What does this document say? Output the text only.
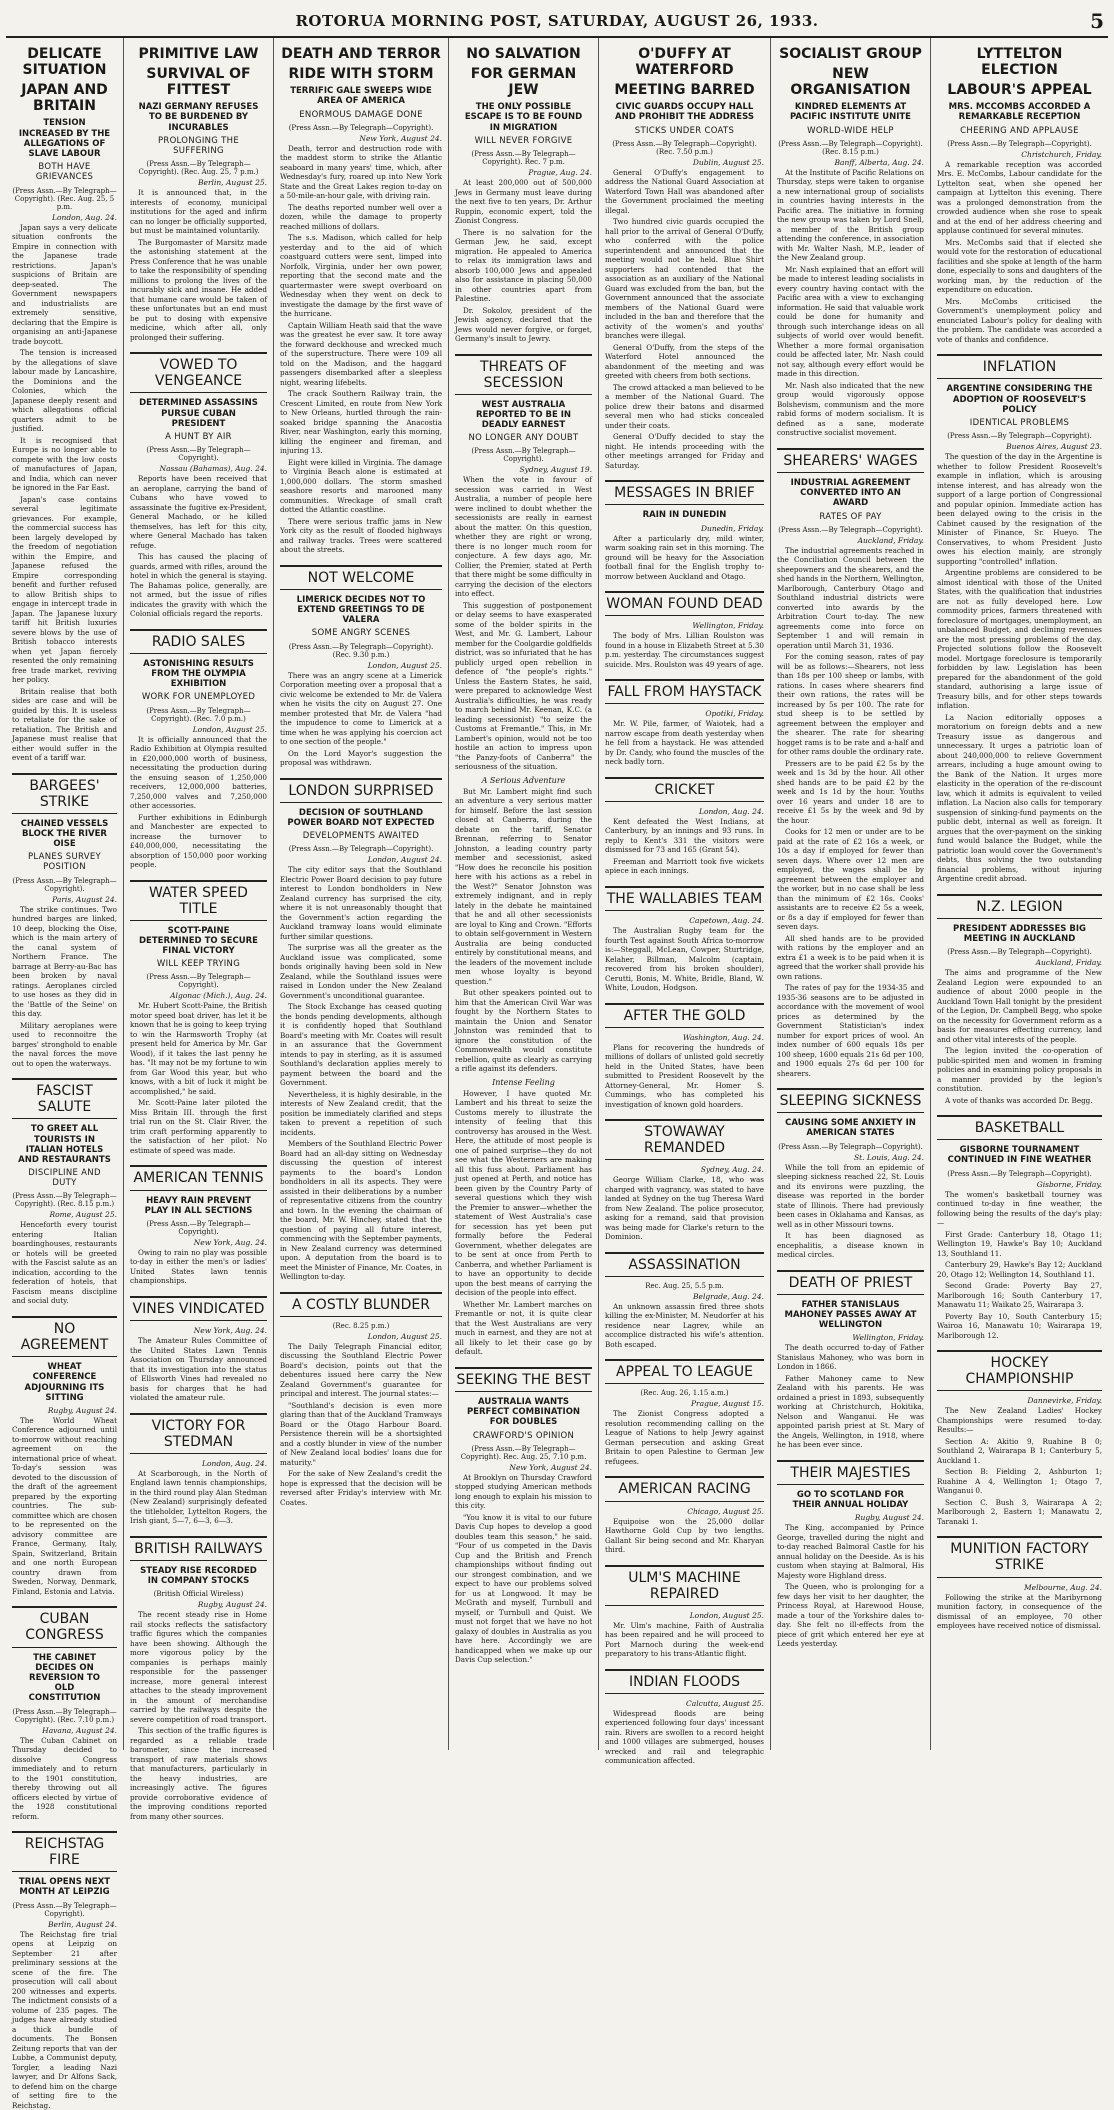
ROTORUA MORNING POST, SATURDAY, AUGUST 26, 1933.	5
DELICATE SITUATION
JAPAN AND BRITAIN
TENSION INCREASED BY THE ALLEGATIONS OF SLAVE LABOUR
BOTH HAVE GRIEVANCES
(Press Assn.—By Telegraph—Copyright). (Rec. Aug. 25, 5 p.m.
London, Aug. 24.

Japan says a very delicate situation confronts the Empire in connection with the Japanese trade restrictions. Japan's suspicions of Britain are deep-seated. The Government newspapers and industrialists are extremely sensitive, declaring that the Empire is organising an anti-Japanese trade boycott.

The tension is increased by the allegations of slave labour made by Lancashire, the Dominions and the Colonies, which the Japanese deeply resent and which allegations official quarters admit to be justified.

It is recognised that Europe is no longer able to compete with the low costs of manufactures of Japan, and India, which can never be ignored in the Far East.

Japan's case contains several legitimate grievances. For example, the commercial success has been largely developed by the freedom of negotiation within the Empire, and Japanese refused the Empire corresponding benefit and further refused to allow British ships to engage in intercept trade in Japan. The Japanese luxury tariff hit British luxuries severe blows by the use of British tobacco interests when yet Japan fiercely resented the only remaining free trade market, reviving her policy.

Britain realise that both sides are case and will be guided by this. It is useless to retaliate for the sake of retaliation. The British and Japanese must realise that either would suffer in the event of a tariff war.

BARGEES' STRIKE
CHAINED VESSELS BLOCK THE RIVER OISE
PLANES SURVEY POSITION
(Press Assn.—By Telegraph—Copyright).
Paris, August 24.

The strike continues. Two hundred barges are linked, 10 deep, blocking the Oise, which is the main artery of the canal system of Northern France. The barrage at Berry-au-Bac has been broken by naval ratings. Aeroplanes circled to use hoses as they did in the 'Battle of the Seine' on this day.

Military aeroplanes were used to reconnoitre the barges' stronghold to enable the naval forces the move out to open the waterways.

FASCIST SALUTE
TO GREET ALL TOURISTS IN ITALIAN HOTELS AND RESTAURANTS
DISCIPLINE AND DUTY
(Press Assn.—By Telegraph—Copyright). (Rec. 8.15 p.m.)
Rome, August 25.

Henceforth every tourist entering Italian boardinghouses, restaurants or hotels will be greeted with the Fascist salute as an indication, according to the federation of hotels, that Fascism means discipline and social duty.

NO AGREEMENT
WHEAT CONFERENCE ADJOURNING ITS SITTING
Rugby, August 24.

The World Wheat Conference adjourned until to-morrow without reaching agreement on the international price of wheat. To-day's session was devoted to the discussion of the draft of the agreement prepared by the exporting countries. The sub-committee which are chosen to be represented on the advisory committee are France, Germany, Italy, Spain, Switzerland, Britain and one north European country drawn from Sweden, Norway, Denmark, Finland, Estonia and Latvia.

CUBAN CONGRESS
THE CABINET DECIDES ON REVERSION TO OLD CONSTITUTION
(Press Assn.—By Telegraph—Copyright). (Rec. 7.10 p.m.)
Havana, August 24.

The Cuban Cabinet on Thursday decided to dissolve Congress immediately and to return to the 1901 constitution, thereby throwing out all officers elected by virtue of the 1928 constitutional reform.

REICHSTAG FIRE
TRIAL OPENS NEXT MONTH AT LEIPZIG
(Press Assn.—By Telegraph—Copyright).
Berlin, August 24.

The Reichstag fire trial opens at Leipzig on September 21 after preliminary sessions at the scene of the fire. The prosecution will call about 200 witnesses and experts. The indictment consists of a volume of 235 pages. The judges have already studied a thick bundle of documents. The Bonsen Zeitung reports that van der Lubbe, a Communist deputy, Torgler, a leading Nazi lawyer, and Dr Alfons Sack, to defend him on the charge of setting fire to the Reichstag.

PRIMITIVE LAW
SURVIVAL OF FITTEST
NAZI GERMANY REFUSES TO BE BURDENED BY INCURABLES
PROLONGING THE SUFFERING
(Press Assn.—By Telegraph—Copyright). (Rec. Aug. 25, 7 p.m.)
Berlin, August 25.

It is announced that, in the interests of economy, municipal institutions for the aged and infirm can no longer be officially supported, but must be maintained voluntarily.

The Burgomaster of Marsitz made the astonishing statement at the Press Conference that he was unable to take the responsibility of spending millions to prolong the lives of the incurably sick and insane. He added that humane care would be taken of these unfortunates but an end must be put to dosing with expensive medicine, which after all, only prolonged their suffering.

VOWED TO VENGEANCE
DETERMINED ASSASSINS PURSUE CUBAN PRESIDENT
A HUNT BY AIR
(Press Assn.—By Telegraph—Copyright).
Nassau (Bahamas), Aug. 24.

Reports have been received that an aeroplane, carrying the band of Cubans who have vowed to assassinate the fugitive ex-President, General Machado, or he killed themselves, has left for this city, where General Machado has taken refuge.

This has caused the placing of guards, armed with rifles, around the hotel in which the general is staying. The Bahamas police, generally, are not armed, but the issue of rifles indicates the gravity with which the Colonial officials regard the reports.

RADIO SALES
ASTONISHING RESULTS FROM THE OLYMPIA EXHIBITION
WORK FOR UNEMPLOYED
(Press Assn.—By Telegraph—Copyright). (Rec. 7.0 p.m.)
London, August 25.

It is officially announced that the Radio Exhibition at Olympia resulted in £20,000,000 worth of business, necessitating the production during the ensuing season of 1,250,000 receivers, 12,000,000 batteries, 7,250,000 valves and 7,250,000 other accessories.

Further exhibitions in Edinburgh and Manchester are expected to increase the turnover to £40,000,000, necessitating the absorption of 150,000 poor working people.

WATER SPEED TITLE
SCOTT-PAINE DETERMINED TO SECURE FINAL VICTORY
WILL KEEP TRYING
(Press Assn.—By Telegraph—Copyright).
Algonac (Mich.), Aug. 24.

Mr. Hubert Scott-Paine, the British motor speed boat driver, has let it be known that he is going to keep trying to win the Harmsworth Trophy (at present held for America by Mr. Gar Wood), if it takes the last penny he has. "It may not be my fortune to win from Gar Wood this year, but who knows, with a bit of luck it might be accomplished," he said.

Mr. Scott-Paine later piloted the Miss Britain III. through the first trial run on the St. Clair River, the trim craft performing apparently to the satisfaction of her pilot. No estimate of speed was made.

AMERICAN TENNIS
HEAVY RAIN PREVENT PLAY IN ALL SECTIONS
(Press Assn.—By Telegraph—Copyright).
New York, Aug. 24.

Owing to rain no play was possible to-day in either the men's or ladies' United States lawn tennis championships.

VINES VINDICATED
New York, Aug. 24.

The Amateur Rules Committee of the United States Lawn Tennis Association on Thursday announced that its investigation into the status of Ellsworth Vines had revealed no basis for charges that he had violated the amateur rule.

VICTORY FOR STEDMAN
London, Aug. 24.

At Scarborough, in the North of England lawn tennis championships, in the third round play Alan Stedman (New Zealand) surprisingly defeated the titleholder, Lyttelton Rogers, the Irish giant, 5—7, 6—3, 6—3.

BRITISH RAILWAYS
STEADY RISE RECORDED IN COMPANY STOCKS
(British Official Wireless)
Rugby, August 24.

The recent steady rise in Home rail stocks reflects the satisfactory traffic figures which the companies have been showing. Although the more vigorous policy by the companies is perhaps mainly responsible for the passenger increase, more general interest attaches to the steady improvement in the amount of merchandise carried by the railways despite the severe competition of road transport.

This section of the traffic figures is regarded as a reliable trade barometer, since the increased transport of raw materials shows that manufacturers, particularly in the heavy industries, are increasingly active. The figures provide corroborative evidence of the improving conditions reported from many other sources.

DEATH AND TERROR
RIDE WITH STORM
TERRIFIC GALE SWEEPS WIDE AREA OF AMERICA
ENORMOUS DAMAGE DONE
(Press Assn.—By Telegraph—Copyright).
New York, August 24.

Death, terror and destruction rode with the maddest storm to strike the Atlantic seaboard in many years' time, which, after Wednesday's fury, roared up into New York State and the Great Lakes region to-day on a 50-mile-an-hour gale, with driving rain.

The deaths reported number well over a dozen, while the damage to property reached millions of dollars.

The s.s. Madison, which called for help yesterday and to the aid of which coastguard cutters were sent, limped into Norfolk, Virginia, under her own power, reporting that the second mate and the quartermaster were swept overboard on Wednesday when they went on deck to investigate the damage by the first wave of the hurricane.

Captain William Heath said that the wave was the greatest he ever saw. It tore away the forward deckhouse and wrecked much of the superstructure. There were 109 all told on the Madison, and the haggard passengers disembarked after a sleepless night, wearing lifebelts.

The crack Southern Railway train, the Crescent Limited, en route from New York to New Orleans, hurtled through the rain-soaked bridge spanning the Anacostia River, near Washington, early this morning, killing the engineer and fireman, and injuring 13.

Eight were killed in Virginia. The damage to Virginia Beach alone is estimated at 1,000,000 dollars. The storm smashed seashore resorts and marooned many communities. Wreckage of small craft dotted the Atlantic coastline.

There were serious traffic jams in New York city as the result of flooded highways and railway tracks. Trees were scattered about the streets.

NOT WELCOME
LIMERICK DECIDES NOT TO EXTEND GREETINGS TO DE VALERA
SOME ANGRY SCENES
(Press Assn.—By Telegraph—Copyright). (Rec. 9.30 p.m.)
London, August 25.

There was an angry scene at a Limerick Corporation meeting over a proposal that a civic welcome be extended to Mr. de Valera when he visits the city on August 27. One member protested that Mr. de Valera "had the impudence to come to Limerick at a time when he was applying his coercion act to one section of the people."

On the Lord Mayor's suggestion the proposal was withdrawn.

LONDON SURPRISED
DECISION OF SOUTHLAND POWER BOARD NOT EXPECTED
DEVELOPMENTS AWAITED
(Press Assn.—By Telegraph—Copyright).
London, August 24.

The city editor says that the Southland Electric Power Board decision to pay future interest to London bondholders in New Zealand currency has surprised the city, where it is not unreasonably thought that the Government's action regarding the Auckland tramway loans would eliminate further similar questions.

The surprise was all the greater as the Auckland issue was complicated, some bonds originally having been sold in New Zealand, while the Southland issues were raised in London under the New Zealand Government's unconditional guarantee.

The Stock Exchange has ceased quoting the bonds pending developments, although it is confidently hoped that Southland Board's meeting with Mr. Coates will result in an assurance that the Government intends to pay in sterling, as it is assumed Southland's declaration applies merely to payment between the board and the Government.

Nevertheless, it is highly desirable, in the interests of New Zealand credit, that the position be immediately clarified and steps taken to prevent a repetition of such incidents.

Members of the Southland Electric Power Board had an all-day sitting on Wednesday discussing the question of interest payments to the board's London bondholders in all its aspects. They were assisted in their deliberations by a number of representative citizens from the country and town. In the evening the chairman of the board, Mr. W. Hinchey, stated that the question of paying all future interest, commencing with the September payments, in New Zealand currency was determined upon. A deputation from the board is to meet the Minister of Finance, Mr. Coates, in Wellington to-day.

A COSTLY BLUNDER
(Rec. 8.25 p.m.)
London, August 25.

The Daily Telegraph Financial editor, discussing the Southland Electric Power Board's decision, points out that the debentures issued here carry the New Zealand Government's guarantee for principal and interest. The journal states:—

"Southland's decision is even more glaring than that of the Auckland Tramways Board or the Otago Harbour Board. Persistence therein will be a shortsighted and a costly blunder in view of the number of New Zealand local bodies' loans due for maturity."

For the sake of New Zealand's credit the hope is expressed that the decision will be reversed after Friday's interview with Mr. Coates.

NO SALVATION
FOR GERMAN JEW
THE ONLY POSSIBLE ESCAPE IS TO BE FOUND IN MIGRATION
WILL NEVER FORGIVE
(Press Assn.—By Telegraph—Copyright). Rec. 7 p.m.
Prague, Aug. 24.

At least 200,000 out of 500,000 Jews in Germany must leave during the next five to ten years, Dr. Arthur Ruppin, economic expert, told the Zionist Congress.

There is no salvation for the German Jew, he said, except migration. He appealed to America to relax its immigration laws and absorb 100,000 Jews and appealed also for assistance in placing 50,000 in other countries apart from Palestine.

Dr. Sokolov, president of the Jewish agency, declared that the Jews would never forgive, or forget, Germany's insult to Jewry.

THREATS OF SECESSION
WEST AUSTRALIA REPORTED TO BE IN DEADLY EARNEST
NO LONGER ANY DOUBT
(Press Assn.—By Telegraph—Copyright).
Sydney, August 19.

When the vote in favour of secession was carried in West Australia, a number of people here were inclined to doubt whether the secessionists are really in earnest about the matter. On this question, whether they are right or wrong, there is no longer much room for conjecture. A few days ago, Mr. Collier, the Premier, stated at Perth that there might be some difficulty in carrying the decision of the electors into effect.

This suggestion of postponement or delay seems to have exasperated some of the bolder spirits in the West, and Mr. G. Lambert, Labour member for the Coolgardie goldfields district, was so infuriated that he has publicly urged open rebellion in defence of "the people's rights." Unless the Eastern States, he said, were prepared to acknowledge West Australia's difficulties, he was ready to march behind Mr. Keenan, K.C. (a leading secessionist) "to seize the Customs at Fremantle." This, in Mr. Lambert's opinion, would not be too hostile an action to impress upon "the Panzy-foots of Canberra" the seriousness of the situation.

A Serious Adventure

But Mr. Lambert might find such an adventure a very serious matter for himself. Before the last session closed at Canberra, during the debate on the tariff, Senator Brennan, referring to Senator Johnston, a leading country party member and secessionist, asked "How does he reconcile his position here with his actions as a rebel in the West?" Senator Johnston was extremely indignant, and in reply lately in the debate he maintained that he and all other secessionists are loyal to King and Crown. "Efforts to obtain self-government in Western Australia are being conducted entirely by constitutional means, and the leaders of the movement include men whose loyalty is beyond question."

But other speakers pointed out to him that the American Civil War was fought by the Northern States to maintain the Union and Senator Johnston was reminded that to ignore the constitution of the Commonwealth would constitute rebellion, quite as clearly as carrying a rifle against its defenders.

Intense Feeling

However, I have quoted Mr. Lambert and his threat to seize the Customs merely to illustrate the intensity of feeling that this controversy has aroused in the West. Here, the attitude of most people is one of pained surprise—they do not see what the Westerners are making all this fuss about. Parliament has just opened at Perth, and notice has been given by the Country Party of several questions which they wish the Premier to answer—whether the statement of West Australia's case for secession has yet been put formally before the Federal Government, whether delegates are to be sent at once from Perth to Canberra, and whether Parliament is to have an opportunity to decide upon the best means of carrying the decision of the people into effect.

Whether Mr. Lambert marches on Fremantle or not, it is quite clear that the West Australians are very much in earnest, and they are not at all likely to let their case go by default.

SEEKING THE BEST
AUSTRALIA WANTS PERFECT COMBINATION FOR DOUBLES
CRAWFORD'S OPINION
(Press Assn.—By Telegraph—Copyright). Rec. Aug. 25, 7.10 p.m.
New York, August 24.

At Brooklyn on Thursday Crawford stopped studying American methods long enough to explain his mission to this city.

"You know it is vital to our future Davis Cup hopes to develop a good doubles team this season," he said. "Four of us competed in the Davis Cup and the British and French championships without finding out our strongest combination, and we expect to have our problems solved for us at Longwood. It may be McGrath and myself, Turnbull and myself, or Turnbull and Quist. We must not forget that we have no hot galaxy of doubles in Australia as you have here. Accordingly we are handicapped when we make up our Davis Cup selection."

O'DUFFY AT WATERFORD
MEETING BARRED
CIVIC GUARDS OCCUPY HALL AND PROHIBIT THE ADDRESS
STICKS UNDER COATS
(Press Assn.—By Telegraph—Copyright). (Rec. 7.50 p.m.)
Dublin, August 25.

General O'Duffy's engagement to address the National Guard Association at Waterford Town Hall was abandoned after the Government proclaimed the meeting illegal.

Two hundred civic guards occupied the hall prior to the arrival of General O'Duffy, who conferred with the police superintendent and announced that the meeting would not be held. Blue Shirt supporters had contended that the association as an auxiliary of the National Guard was excluded from the ban, but the Government announced that the associate members of the National Guard were included in the ban and therefore that the activity of the women's and youths' branches were illegal.

General O'Duffy, from the steps of the Waterford Hotel announced the abandonment of the meeting and was greeted with cheers from both sections.

The crowd attacked a man believed to be a member of the National Guard. The police drew their batons and disarmed several men who had sticks concealed under their coats.

General O'Duffy decided to stay the night. He intends proceeding with the other meetings arranged for Friday and Saturday.

MESSAGES IN BRIEF
RAIN IN DUNEDIN
Dunedin, Friday.

After a particularly dry, mild winter, warm soaking rain set in this morning. The ground will be heavy for the Association football final for the English trophy to-morrow between Auckland and Otago.

WOMAN FOUND DEAD
Wellington, Friday.

The body of Mrs. Lillian Roulston was found in a house in Elizabeth Street at 5.30 p.m. yesterday. The circumstances suggest suicide. Mrs. Roulston was 49 years of age.

FALL FROM HAYSTACK
Opotiki, Friday.

Mr. W. Pile, farmer, of Waiotek, had a narrow escape from death yesterday when he fell from a haystack. He was attended by Dr. Candy, who found the muscles of the neck badly torn.

CRICKET
London, Aug. 24.

Kent defeated the West Indians, at Canterbury, by an innings and 93 runs. In reply to Kent's 331 the visitors were dismissed for 73 and 165 (Grant 54).

Freeman and Marriott took five wickets apiece in each innings.

THE WALLABIES TEAM
Capetown, Aug. 24.

The Australian Rugby team for the fourth Test against South Africa to-morrow is:—Steggall, McLean, Cowper, Sturtridge, Kelaher, Billman, Malcolm (captain, recovered from his broken shoulder), Cerutti, Bonis, M. White, Bridle, Bland, W. White, Loudon, Hodgson.

AFTER THE GOLD
Washington, Aug. 24.

Plans for recovering the hundreds of millions of dollars of unlisted gold secretly held in the United States, have been submitted to President Roosevelt by the Attorney-General, Mr. Homer S. Cummings, who has completed his investigation of known gold hoarders.

STOWAWAY REMANDED
Sydney, Aug. 24.

George William Clarke, 18, who was charged with vagrancy, was stated to have landed at Sydney on the tug Theresa Ward from New Zealand. The police prosecutor, asking for a remand, said that provision was being made for Clarke's return to the Dominion.

ASSASSINATION
Rec. Aug. 25, 5.5 p.m.
Belgrade, Aug. 24.

An unknown assassin fired three shots killing the ex-Minister, M. Neudorfer at his residence near Lagrev, while an accomplice distracted his wife's attention. Both escaped.

APPEAL TO LEAGUE
(Rec. Aug. 26, 1.15 a.m.)
Prague, August 15.

The Zionist Congress adopted a resolution recommending calling on the League of Nations to help Jewry against German persecution and asking Great Britain to open Palestine to German Jew refugees.

AMERICAN RACING
Chicago, August 25.

Equipoise won the 25,000 dollar Hawthorne Gold Cup by two lengths. Gallant Sir being second and Mr. Kharyan third.

ULM'S MACHINE REPAIRED
London, August 25.

Mr. Ulm's machine, Faith of Australia has been repaired and he will proceed to Port Marnoch during the week-end preparatory to his trans-Atlantic flight.

INDIAN FLOODS
Calcutta, August 25.

Widespread floods are being experienced following four days' incessant rain. Rivers are swollen to a record height and 1000 villages are submerged, houses wrecked and rail and telegraphic communication affected.

SOCIALIST GROUP
NEW ORGANISATION
KINDRED ELEMENTS AT PACIFIC INSTITUTE UNITE
WORLD-WIDE HELP
(Press Assn.—By Telegraph—Copyright). (Rec. 8.15 p.m.)
Banff, Alberta, Aug. 24.

At the Institute of Pacific Relations on Thursday, steps were taken to organise a new international group of socialists in countries having interests in the Pacific area. The initiative in forming the new group was taken by Lord Snell, a member of the British group attending the conference, in association with Mr. Walter Nash, M.P., leader of the New Zealand group.

Mr. Nash explained that an effort will be made to interest leading socialists in every country having contact with the Pacific area with a view to exchanging information. He said that valuable work could be done for humanity and through such interchange ideas on all subjects of world over would benefit. Whether a more formal organisation could be affected later, Mr. Nash could not say, although every effort would be made in this direction.

Mr. Nash also indicated that the new group would vigorously oppose Bolshevism, communism and the more rabid forms of modern socialism. It is defined as a sane, moderate constructive socialist movement.

SHEARERS' WAGES
INDUSTRIAL AGREEMENT CONVERTED INTO AN AWARD
RATES OF PAY
(Press Assn.—By Telegraph—Copyright).
Auckland, Friday.

The industrial agreements reached in the Conciliation Council between the sheepowners and the shearers, and the shed hands in the Northern, Wellington, Marlborough, Canterbury Otago and Southland industrial districts were converted into awards by the Arbitration Court to-day. The new agreements come into force on September 1 and will remain in operation until March 31, 1936.

For the coming season, rates of pay will be as follows:—Shearers, not less than 18s per 100 sheep or lambs, with rations. In cases where shearers find their own rations, the rates will be increased by 5s per 100. The rate for stud sheep is to be settled by agreement between the employer and the shearer. The rate for shearing hogget rams is to be rate and a-half and for other rams double the ordinary rate.

Pressers are to be paid £2 5s by the week and 1s 3d by the hour. All other shed hands are to be paid £2 by the week and 1s 1d by the hour. Youths over 16 years and under 18 are to receive £1 5s by the week and 9d by the hour.

Cooks for 12 men or under are to be paid at the rate of £2 16s a week, or 10s a day if employed for fewer than seven days. Where over 12 men are employed, the wages shall be by agreement between the employer and the worker, but in no case shall be less than the minimum of £2 16s. Cooks' assistants are to receive £2 5s a week, or 8s a day if employed for fewer than seven days.

All shed hands are to be provided with rations by the employer and an extra £1 a week is to be paid when it is agreed that the worker shall provide his own rations.

The rates of pay for the 1934-35 and 1935-36 seasons are to be adjusted in accordance with the movement of wool prices as determined by the Government Statistician's index number for export prices of wool. An index number of 600 equals 18s per 100 sheep, 1600 equals 21s 6d per 100, and 1900 equals 27s 6d per 100 for shearers.

SLEEPING SICKNESS
CAUSING SOME ANXIETY IN AMERICAN STATES
(Press Assn.—By Telegraph—Copyright).
St. Louis, Aug. 24.

While the toll from an epidemic of sleeping sickness reached 22, St. Louis and its environs were puzzling, the disease was reported in the border state of Illinois. There had previously been cases in Oklahama and Kansas, as well as in other Missouri towns.

It has been diagnosed as encephalitis, a disease known in medical circles.

DEATH OF PRIEST
FATHER STANISLAUS MAHONEY PASSES AWAY AT WELLINGTON
Wellington, Friday.

The death occurred to-day of Father Stanislaus Mahoney, who was born in London in 1866.

Father Mahoney came to New Zealand with his parents. He was ordained a priest in 1893, subsequently working at Christchurch, Hokitika, Nelson and Wanganui. He was appointed parish priest at St. Mary of the Angels, Wellington, in 1918, where he has been ever since.

THEIR MAJESTIES
GO TO SCOTLAND FOR THEIR ANNUAL HOLIDAY
Rugby, August 24.

The King, accompanied by Prince George, travelled during the night and to-day reached Balmoral Castle for his annual holiday on the Deeside. As is his custom when staying at Balmoral, His Majesty wore Highland dress.

The Queen, who is prolonging for a few days her visit to her daughter, the Princess Royal, at Harewood House, made a tour of the Yorkshire dales to-day. She felt no ill-effects from the piece of grit which entered her eye at Leeds yesterday.

LYTTELTON ELECTION
LABOUR'S APPEAL
MRS. MCCOMBS ACCORDED A REMARKABLE RECEPTION
CHEERING AND APPLAUSE
(Press Assn.—By Telegraph—Copyright).
Christchurch, Friday.

A remarkable reception was accorded Mrs. E. McCombs, Labour candidate for the Lyttelton seat, when she opened her campaign at Lyttelton this evening. There was a prolonged demonstration from the crowded audience when she rose to speak and at the end of her address cheering and applause continued for several minutes.

Mrs. McCombs said that if elected she would vote for the restoration of educational facilities and she spoke at length of the harm done, especially to sons and daughters of the working man, by the reduction of the expenditure on education.

Mrs. McCombs criticised the Government's unemployment policy and enunciated Labour's policy for dealing with the problem. The candidate was accorded a vote of thanks and confidence.

INFLATION
ARGENTINE CONSIDERING THE ADOPTION OF ROOSEVELT'S POLICY
IDENTICAL PROBLEMS
(Press Assn.—By Telegraph—Copyright).
Buenos Aires, August 23.

The question of the day in the Argentine is whether to follow President Roosevelt's example in inflation, which is arousing intense interest, and has already won the support of a large portion of Congressional and popular opinion. Immediate action has been delayed owing to the crisis in the Cabinet caused by the resignation of the Minister of Finance, Sr. Hueyo. The Conservatives, to whom President Justo owes his election mainly, are strongly supporting "controlled" inflation.

Argentine problems are considered to be almost identical with those of the United States, with the qualification that industries are not as fully developed here. Low commodity prices, farmers threatened with foreclosure of mortgages, unemployment, an unbalanced Budget, and declining revenues are the most pressing problems of the day. Projected solutions follow the Roosevelt model. Mortgage foreclosure is temporarily forbidden by law. Legislation has been prepared for the abandonment of the gold standard, authorising a large issue of Treasury bills, and for other steps towards inflation.

La Nacion editorially opposes a moratorium on foreign debts and a new Treasury issue as dangerous and unnecessary. It urges a patriotic loan of about 240,000,000 to relieve Government arrears, including a huge amount owing to the Bank of the Nation. It urges more elasticity in the operation of the re-discount law, which it admits is equivalent to veiled inflation. La Nacion also calls for temporary suspension of sinking-fund payments on the public debt, internal as well as foreign. It argues that the over-payment on the sinking fund would balance the Budget, while the patriotic loan would cover the Government's debts, thus solving the two outstanding financial problems, without injuring Argentine credit abroad.

N.Z. LEGION
PRESIDENT ADDRESSES BIG MEETING IN AUCKLAND
(Press Assn.—By Telegraph—Copyright).
Auckland, Friday.

The aims and programme of the New Zealand Legion were expounded to an audience of about 2000 people in the Auckland Town Hall tonight by the president of the Legion, Dr. Campbell Begg, who spoke on the necessity for Government reform as a basis for measures effecting currency, land and other vital interests of the people.

The legion invited the co-operation of public-spirited men and women in framing policies and in examining policy proposals in a manner provided by the legion's constitution.

A vote of thanks was accorded Dr. Begg.

BASKETBALL
GISBORNE TOURNAMENT CONTINUED IN FINE WEATHER
(Press Assn.—By Telegraph—Copyright).
Gisborne, Friday.

The women's basketball tourney was continued to-day in fine weather, the following being the results of the day's play:—

First Grade: Canterbury 18, Otago 11; Wellington 19, Hawke's Bay 10; Auckland 13, Southland 11.

Canterbury 29, Hawke's Bay 12; Auckland 20, Otago 12; Wellington 14, Southland 11.

Second Grade: Poverty Bay 27, Marlborough 16; South Canterbury 17, Manawatu 11; Waikato 25, Wairarapa 3.

Poverty Bay 10, South Canterbury 15; Wairoa 16, Manawatu 10; Wairarapa 19, Marlborough 12.

HOCKEY CHAMPIONSHIP
Dannevirke, Friday.

The New Zealand Ladies' Hockey Championships were resumed to-day. Results:—

Section A: Akitio 9, Ruahine B 0; Southland 2, Wairarapa B 1; Canterbury 5, Auckland 1.

Section B: Fielding 2, Ashburton 1; Ruahine A 4, Wellington 1; Otago 7, Wanganui 0.

Section C. Bush 3, Wairarapa A 2; Marlborough 2, Eastern 1; Manawatu 2, Taranaki 1.

MUNITION FACTORY STRIKE
Melbourne, Aug. 24.

Following the strike at the Maribyrnong munition factory, in consequence of the dismissal of an employee, 70 other employees have received notice of dismissal.
